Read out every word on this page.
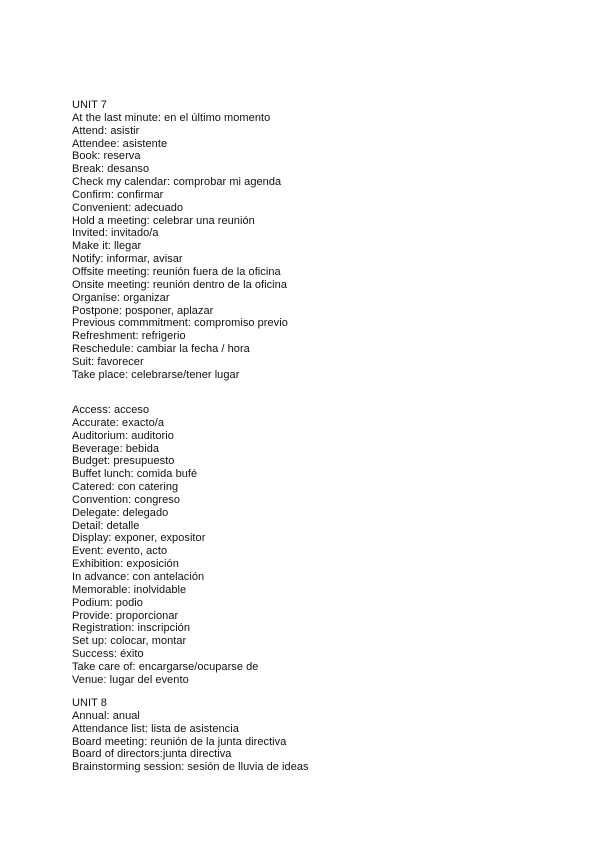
UNIT 7
At the last minute: en el último momento
Attend: asistir
Attendee: asistente
Book: reserva
Break: desanso
Check my calendar: comprobar mi agenda
Confirm: confirmar
Convenient: adecuado
Hold a meeting: celebrar una reunión
Invited: invitado/a
Make it: llegar
Notify: informar, avisar
Offsite meeting: reunión fuera de la oficina
Onsite meeting: reunión dentro de la oficina
Organise: organizar
Postpone: posponer, aplazar
Previous commmitment: compromiso previo
Refreshment: refrigerio
Reschedule: cambiar la fecha / hora
Suit: favorecer
Take place: celebrarse/tener lugar
Access: acceso
Accurate: exacto/a
Auditorium: auditorio
Beverage: bebida
Budget: presupuesto
Buffet lunch: comida bufé
Catered: con catering
Convention: congreso
Delegate: delegado
Detail: detalle
Display: exponer, expositor
Event: evento, acto
Exhibition: exposición
In advance: con antelación
Memorable: inolvidable
Podium: podio
Provide: proporcionar
Registration: inscripción
Set up: colocar, montar
Success: éxito
Take care of: encargarse/ocuparse de
Venue: lugar del evento
UNIT 8
Annual: anual
Attendance list: lista de asistencia
Board meeting: reunión de la junta directiva
Board of directors:junta directiva
Brainstorming session: sesión de lluvia de ideas
